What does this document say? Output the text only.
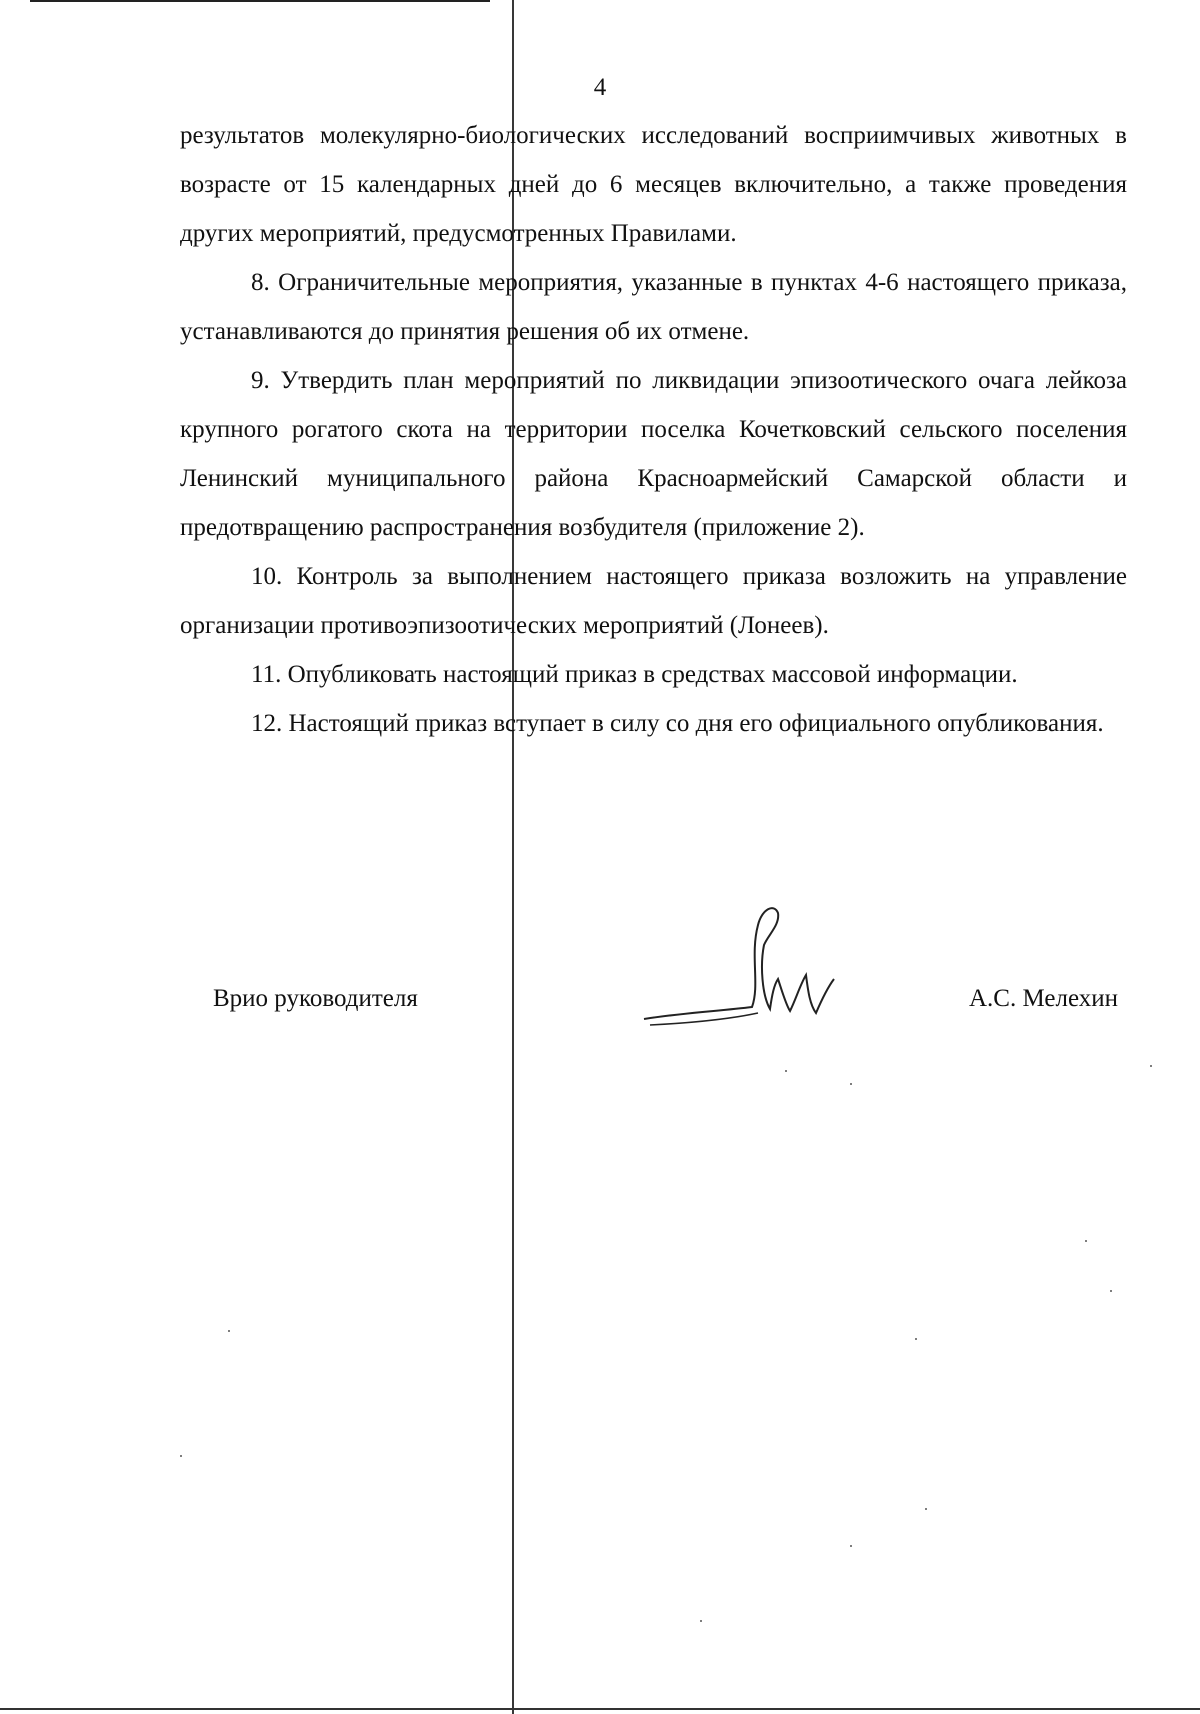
4

результатов молекулярно-биологических исследований восприимчивых животных в возрасте от 15 календарных дней до 6 месяцев включительно, а также проведения других мероприятий, предусмотренных Правилами.

8. Ограничительные мероприятия, указанные в пунктах 4-6 настоящего приказа, устанавливаются до принятия решения об их отмене.

9. Утвердить план мероприятий по ликвидации эпизоотического очага лейкоза крупного рогатого скота на территории поселка Кочетковский сельского поселения Ленинский муниципального района Красноармейский Самарской области и предотвращению распространения возбудителя (приложение 2).

10. Контроль за выполнением настоящего приказа возложить на управление организации противоэпизоотических мероприятий (Лонеев).

11. Опубликовать настоящий приказ в средствах массовой информации.

12. Настоящий приказ вступает в силу со дня его официального опубликования.

Врио руководителя	А.С. Мелехин
